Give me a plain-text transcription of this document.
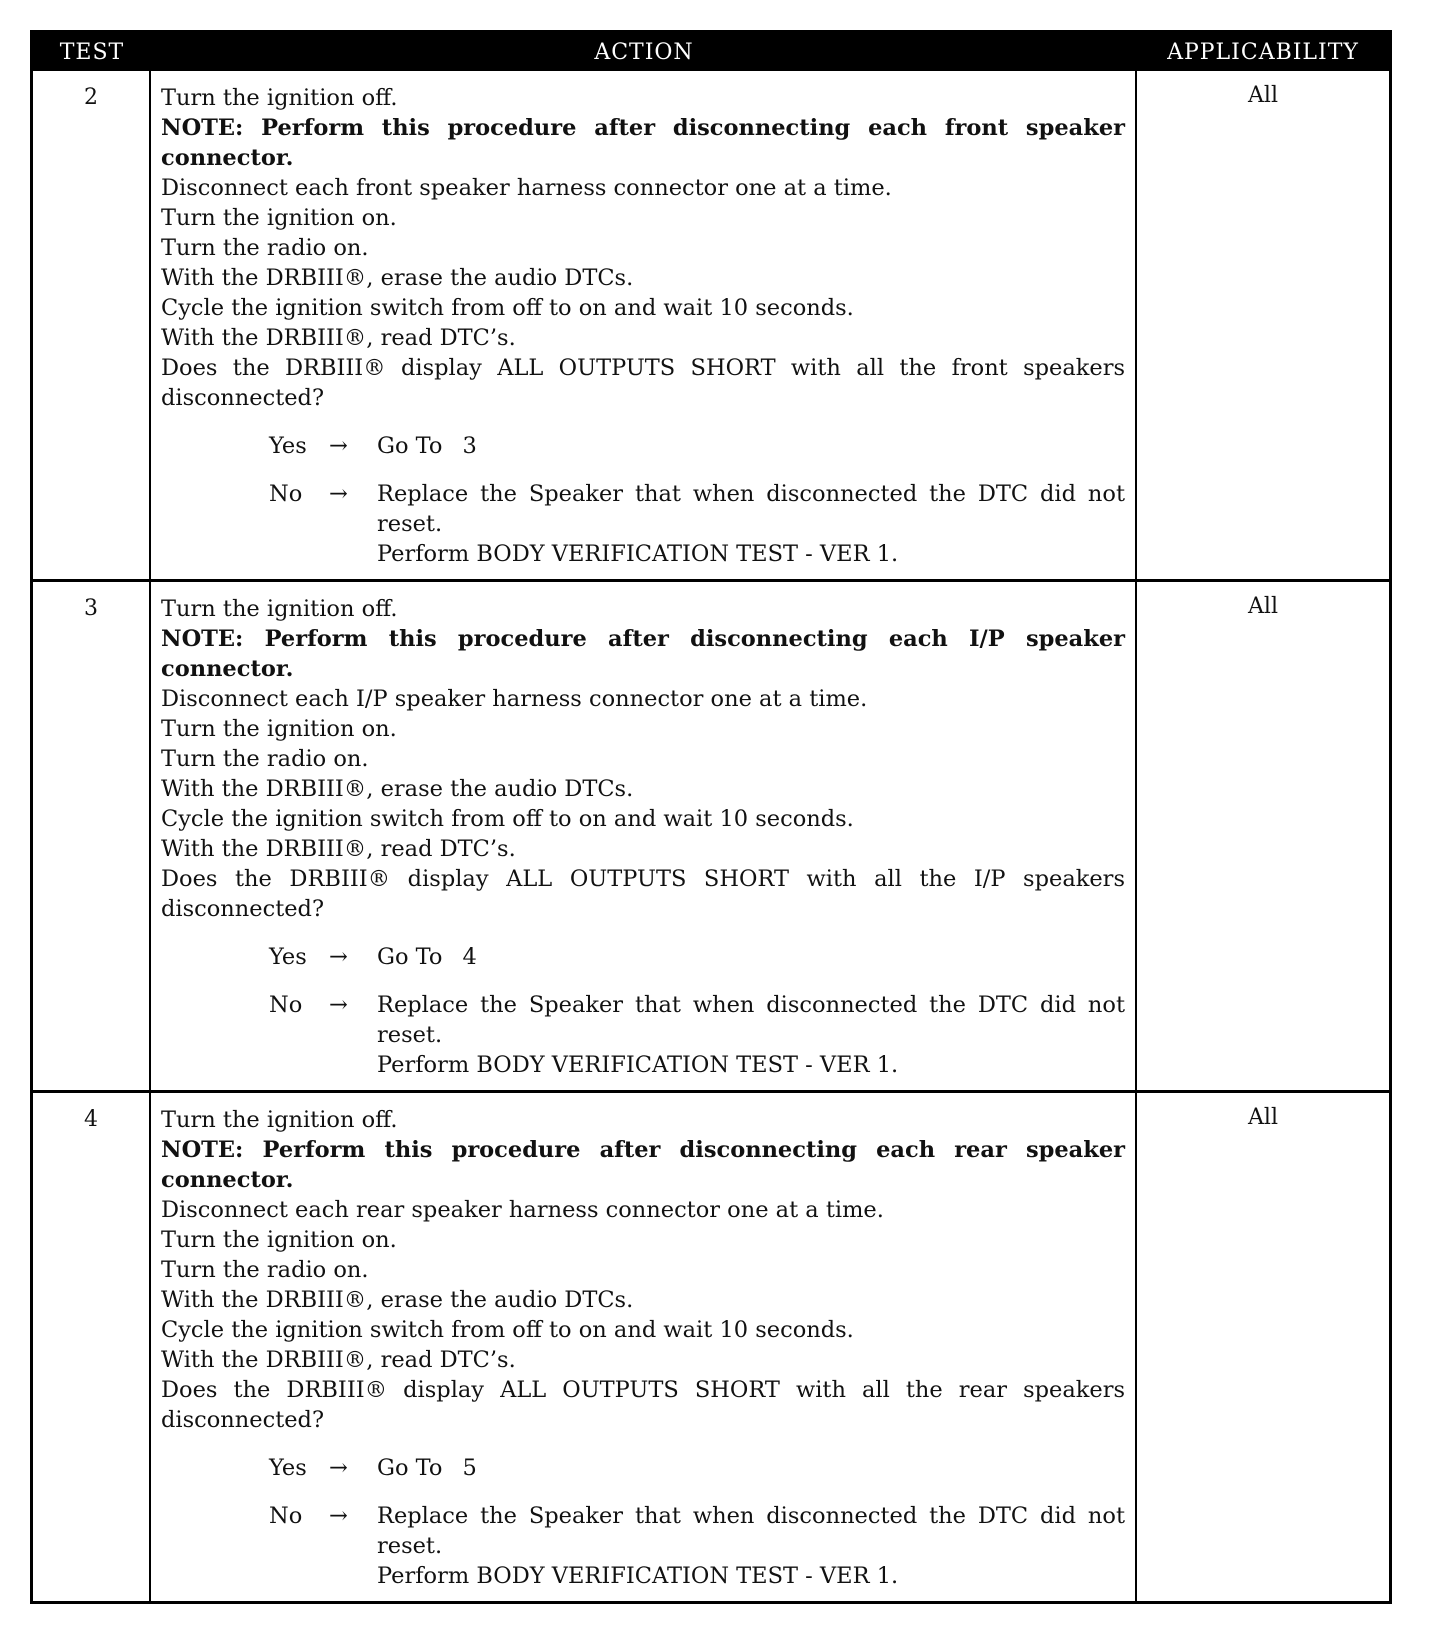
TEST	ACTION	APPLICABILITY
2	Turn the ignition off.

NOTE: Perform this procedure after disconnecting each front speaker connector.

Disconnect each front speaker harness connector one at a time.

Turn the ignition on.

Turn the radio on.

With the DRBIII®, erase the audio DTCs.

Cycle the ignition switch from off to on and wait 10 seconds.

With the DRBIII®, read DTC’s.

Does the DRBIII® display ALL OUTPUTS SHORT with all the front speakers disconnected?

Yes →	Go To 3
No	→	Replace the Speaker that when disconnected the DTC did not
reset.
Perform BODY VERIFICATION TEST - VER 1.
All
3	Turn the ignition off.

NOTE: Perform this procedure after disconnecting each I/P speaker connector.

Disconnect each I/P speaker harness connector one at a time.

Turn the ignition on.

Turn the radio on.

With the DRBIII®, erase the audio DTCs.

Cycle the ignition switch from off to on and wait 10 seconds.

With the DRBIII®, read DTC’s.

Does the DRBIII® display ALL OUTPUTS SHORT with all the I/P speakers disconnected?

Yes →	Go To 4
No	→	Replace the Speaker that when disconnected the DTC did not
reset.
Perform BODY VERIFICATION TEST - VER 1.
All
4	Turn the ignition off.

NOTE: Perform this procedure after disconnecting each rear speaker connector.

Disconnect each rear speaker harness connector one at a time.

Turn the ignition on.

Turn the radio on.

With the DRBIII®, erase the audio DTCs.

Cycle the ignition switch from off to on and wait 10 seconds.

With the DRBIII®, read DTC’s.

Does the DRBIII® display ALL OUTPUTS SHORT with all the rear speakers disconnected?

Yes →	Go To 5
No	→	Replace the Speaker that when disconnected the DTC did not
reset.
Perform BODY VERIFICATION TEST - VER 1.
All
